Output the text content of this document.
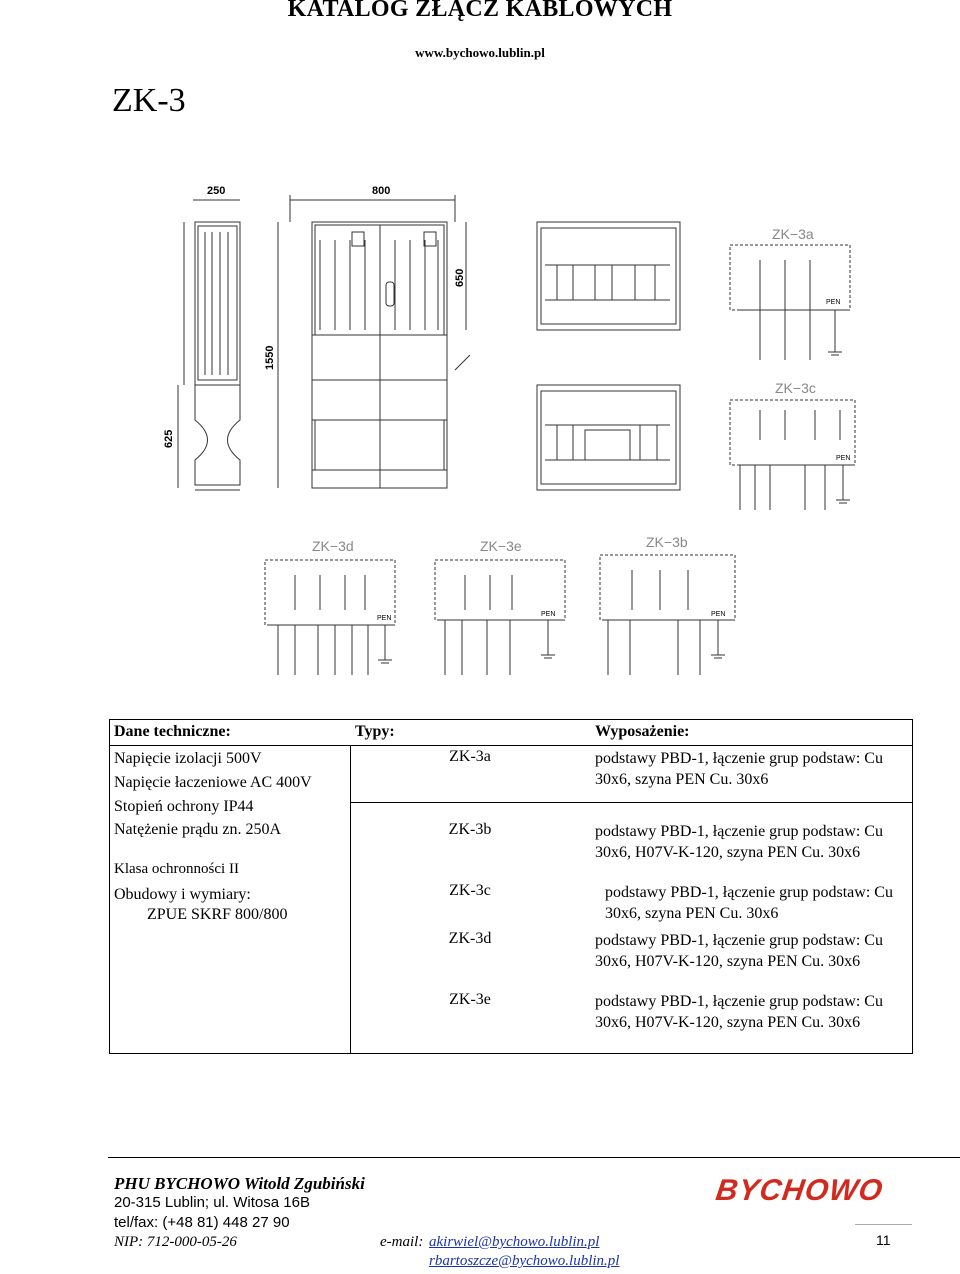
KATALOG ZŁĄCZ KABLOWYCH
www.bychowo.lublin.pl
ZK-3
250	800
1550
650
625
ZK−3a
PEN
ZK−3c
PEN
ZK−3d
PEN
ZK−3e
PEN
ZK−3b
PEN
Dane techniczne:	Typy:	Wyposażenie:
Napięcie izolacji 500V
Napięcie łaczeniowe AC 400V
Stopień ochrony IP44
Natężenie prądu zn. 250A
Klasa ochronności II
Obudowy i wymiary:
ZPUE SKRF 800/800
ZK-3a	podstawy PBD-1, łączenie grup podstaw: Cu 30x6, szyna PEN Cu. 30x6
ZK-3b	podstawy PBD-1, łączenie grup podstaw: Cu 30x6, H07V-K-120, szyna PEN Cu. 30x6
ZK-3c	podstawy PBD-1, łączenie grup podstaw: Cu 30x6, szyna PEN Cu. 30x6
ZK-3d	podstawy PBD-1, łączenie grup podstaw: Cu 30x6, H07V-K-120, szyna PEN Cu. 30x6
ZK-3e	podstawy PBD-1, łączenie grup podstaw: Cu 30x6, H07V-K-120, szyna PEN Cu. 30x6
PHU BYCHOWO Witold Zgubiński
20-315 Lublin; ul. Witosa 16B
tel/fax: (+48 81) 448 27 90
NIP: 712-000-05-26	e-mail: akirwiel@bychowo.lublin.pl
rbartoszcze@bychowo.lublin.pl
BYCHOWO
11
